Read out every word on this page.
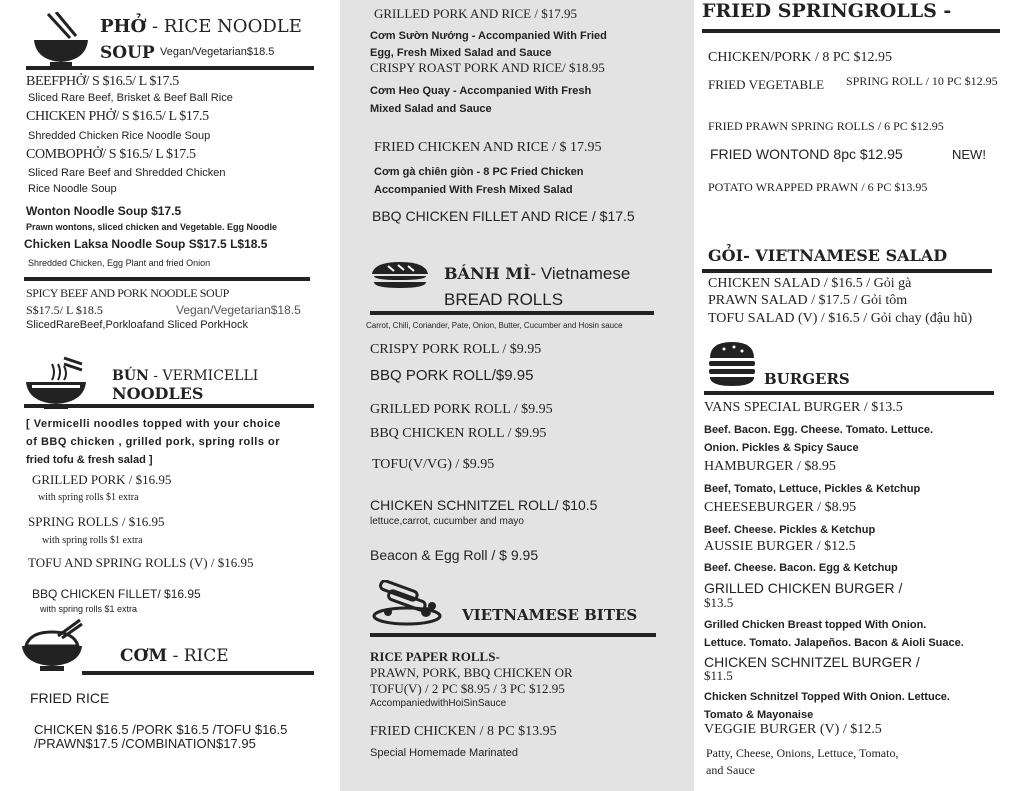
PHỞ - RICE NOODLE
SOUP Vegan/Vegetarian$18.5
BEEFPHỞ/ S $16.5/ L $17.5
Sliced Rare Beef, Brisket & Beef Ball Rice
CHICKEN PHỞ/ S $16.5/ L $17.5
Shredded Chicken Rice Noodle Soup
COMBOPHỞ/ S $16.5/ L $17.5
Sliced Rare Beef and Shredded Chicken
Rice Noodle Soup
Wonton Noodle Soup $17.5
Prawn wontons, sliced chicken and Vegetable. Egg Noodle
Chicken Laksa Noodle Soup S$17.5 L$18.5
Shredded Chicken, Egg Plant and fried Onion
SPICY BEEF AND PORK NOODLE SOUP
S$17.5/ L $18.5	Vegan/Vegetarian$18.5
SlicedRareBeef,Porkloafand Sliced PorkHock
BÚN - VERMICELLI
NOODLES
[ Vermicelli noodles topped with your choice
of BBQ chicken , grilled pork, spring rolls or
fried tofu & fresh salad ]
GRILLED PORK / $16.95
with spring rolls $1 extra
SPRING ROLLS / $16.95
with spring rolls $1 extra
TOFU AND SPRING ROLLS (V) / $16.95
BBQ CHICKEN FILLET/ $16.95
with spring rolls $1 extra
CƠM - RICE
FRIED RICE
CHICKEN $16.5 /PORK $16.5 /TOFU $16.5
/PRAWN$17.5 /COMBINATION$17.95
GRILLED PORK AND RICE / $17.95
Cơm Sườn Nướng - Accompanied With Fried
Egg, Fresh Mixed Salad and Sauce
CRISPY ROAST PORK AND RICE/ $18.95
Cơm Heo Quay - Accompanied With Fresh
Mixed Salad and Sauce
FRIED CHICKEN AND RICE / $ 17.95
Cơm gà chiên giòn - 8 PC Fried Chicken
Accompanied With Fresh Mixed Salad
BBQ CHICKEN FILLET AND RICE / $17.5
BÁNH MÌ- Vietnamese
BREAD ROLLS
Carrot, Chili, Coriander, Pate, Onion, Butter, Cucumber and Hosin sauce
CRISPY PORK ROLL / $9.95
BBQ PORK ROLL/$9.95
GRILLED PORK ROLL / $9.95
BBQ CHICKEN ROLL / $9.95
TOFU(V/VG) / $9.95
CHICKEN SCHNITZEL ROLL/ $10.5
lettuce,carrot, cucumber and mayo
Beacon & Egg Roll / $ 9.95
VIETNAMESE BITES
RICE PAPER ROLLS-
PRAWN, PORK, BBQ CHICKEN OR
TOFU(V) / 2 PC $8.95 / 3 PC $12.95
AccompaniedwithHoiSinSauce
FRIED CHICKEN / 8 PC $13.95
Special Homemade Marinated
FRIED SPRINGROLLS -
CHICKEN/PORK / 8 PC $12.95
FRIED VEGETABLE SPRING ROLL / 10 PC $12.95
FRIED PRAWN SPRING ROLLS / 6 PC $12.95
FRIED WONTOND 8pc $12.95	NEW!
POTATO WRAPPED PRAWN / 6 PC $13.95
GỎI- VIETNAMESE SALAD
CHICKEN SALAD / $16.5 / Gỏi gà
PRAWN SALAD / $17.5 / Gỏi tôm
TOFU SALAD (V) / $16.5 / Gỏi chay (đậu hũ)
BURGERS
VANS SPECIAL BURGER / $13.5
Beef. Bacon. Egg. Cheese. Tomato. Lettuce.
Onion. Pickles & Spicy Sauce
HAMBURGER / $8.95
Beef, Tomato, Lettuce, Pickles & Ketchup
CHEESEBURGER / $8.95
Beef. Cheese. Pickles & Ketchup
AUSSIE BURGER / $12.5
Beef. Cheese. Bacon. Egg & Ketchup
GRILLED CHICKEN BURGER /
$13.5
Grilled Chicken Breast topped With Onion.
Lettuce. Tomato. Jalapeños. Bacon & Aioli Suace.
CHICKEN SCHNITZEL BURGER /
$11.5
Chicken Schnitzel Topped With Onion. Lettuce.
Tomato & Mayonaise
VEGGIE BURGER (V) / $12.5
Patty, Cheese, Onions, Lettuce, Tomato,
and Sauce
